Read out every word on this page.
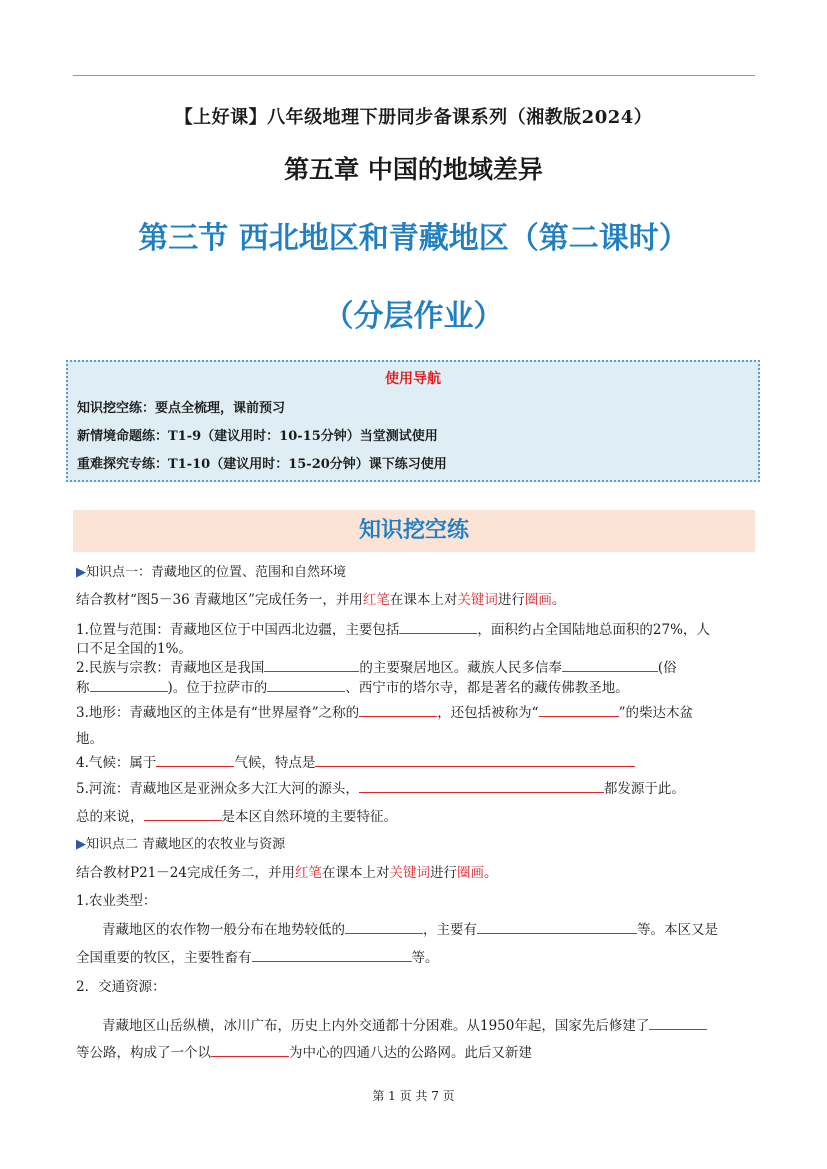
【上好课】八年级地理下册同步备课系列（湘教版2024）
第五章 中国的地域差异
第三节 西北地区和青藏地区（第二课时）
（分层作业）
使用导航
知识挖空练：要点全梳理，课前预习
新情境命题练：T1-9（建议用时：10-15分钟）当堂测试使用
重难探究专练：T1-10（建议用时：15-20分钟）课下练习使用
知识挖空练
▶知识点一：青藏地区的位置、范围和自然环境
结合教材“图5－36 青藏地区”完成任务一，并用红笔在课本上对关键词进行圈画。
1.位置与范围：青藏地区位于中国西北边疆，主要包括	，面积约占全国陆地总面积的27%，人
口不足全国的1%。
2.民族与宗教：青藏地区是我国	的主要聚居地区。藏族人民多信奉	(俗
称	)。位于拉萨市的	、西宁市的塔尔寺，都是著名的藏传佛教圣地。
3.地形：青藏地区的主体是有“世界屋脊”之称的	，还包括被称为“	”的柴达木盆
地。
4.气候：属于	气候，特点是
5.河流：青藏地区是亚洲众多大江大河的源头，	都发源于此。
总的来说，	是本区自然环境的主要特征。
▶知识点二 青藏地区的农牧业与资源
结合教材P21－24完成任务二，并用红笔在课本上对关键词进行圈画。
1.农业类型：
青藏地区的农作物一般分布在地势较低的	，主要有	等。本区又是
全国重要的牧区，主要牲畜有	等。
2．交通资源：
青藏地区山岳纵横，冰川广布，历史上内外交通都十分困难。从1950年起，国家先后修建了
等公路，构成了一个以	为中心的四通八达的公路网。此后又新建
第 1 页 共 7 页
